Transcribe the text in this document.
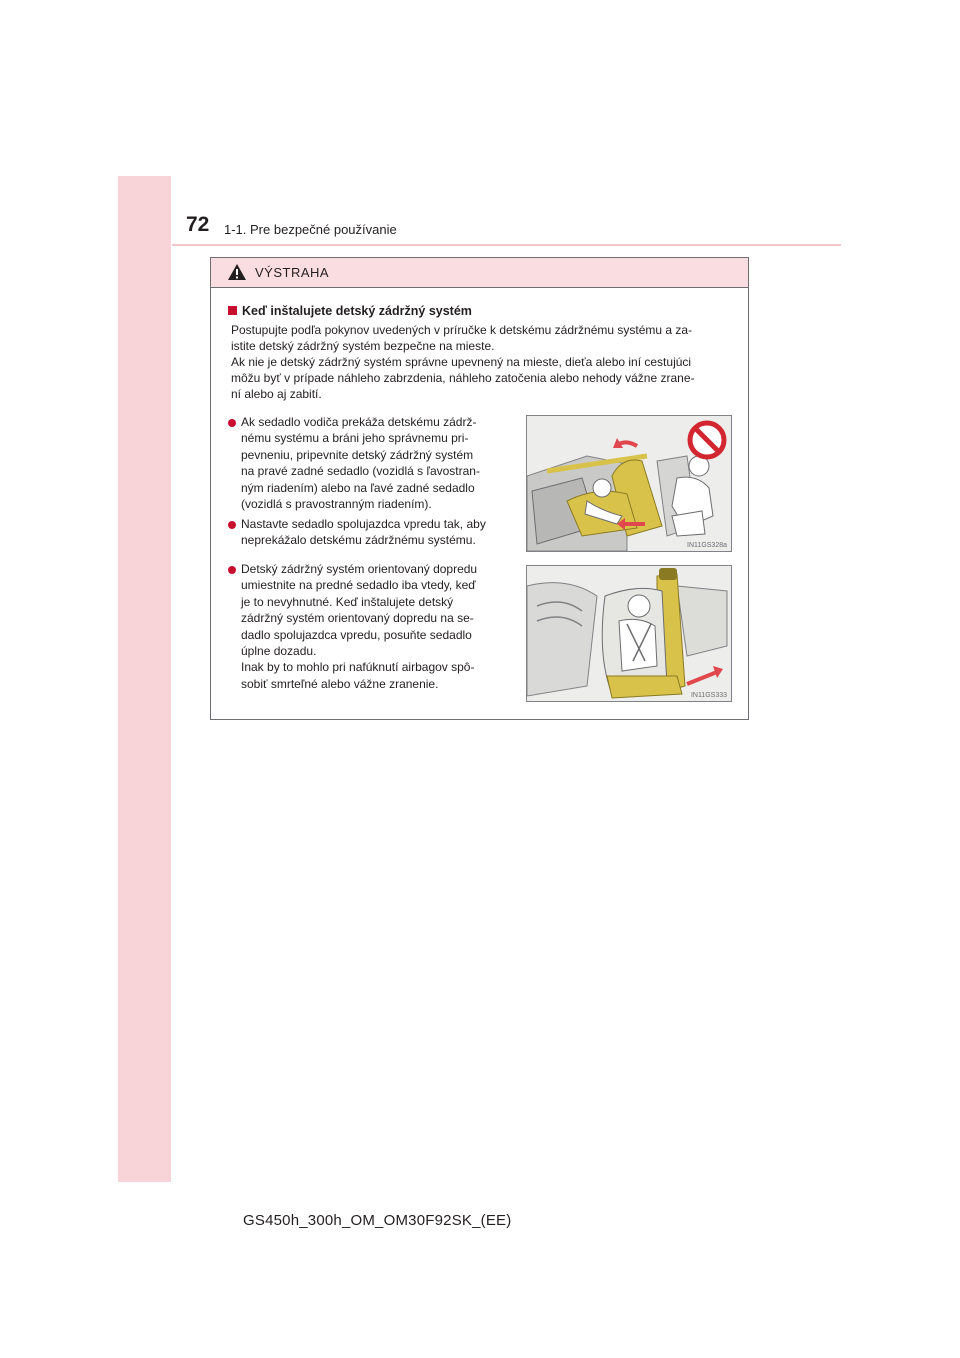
72 1-1. Pre bezpečné používanie
VÝSTRAHA
Keď inštalujete detský zádržný systém

Postupujte podľa pokynov uvedených v príručke k detskému zádržnému systému a za-
istite detský zádržný systém bezpečne na mieste.
Ak nie je detský zádržný systém správne upevnený na mieste, dieťa alebo iní cestujúci
môžu byť v prípade náhleho zabrzdenia, náhleho zatočenia alebo nehody vážne zrane-
ní alebo aj zabití.

Ak sedadlo vodiča prekáža detskému zádrž-
nému systému a bráni jeho správnemu pri-
pevneniu, pripevnite detský zádržný systém
na pravé zadné sedadlo (vozidlá s ľavostran-
ným riadením) alebo na ľavé zadné sedadlo
(vozidlá s pravostranným riadením).
Nastavte sedadlo spolujazdca vpredu tak, aby
neprekážalo detskému zádržnému systému.
Detský zádržný systém orientovaný dopredu
umiestnite na predné sedadlo iba vtedy, keď
je to nevyhnutné. Keď inštalujete detský
zádržný systém orientovaný dopredu na se-
dadlo spolujazdca vpredu, posuňte sedadlo
úplne dozadu.
Inak by to mohlo pri nafúknutí airbagov spô-
sobiť smrteľné alebo vážne zranenie.
IN11GS328a
IN11GS333
GS450h_300h_OM_OM30F92SK_(EE)
